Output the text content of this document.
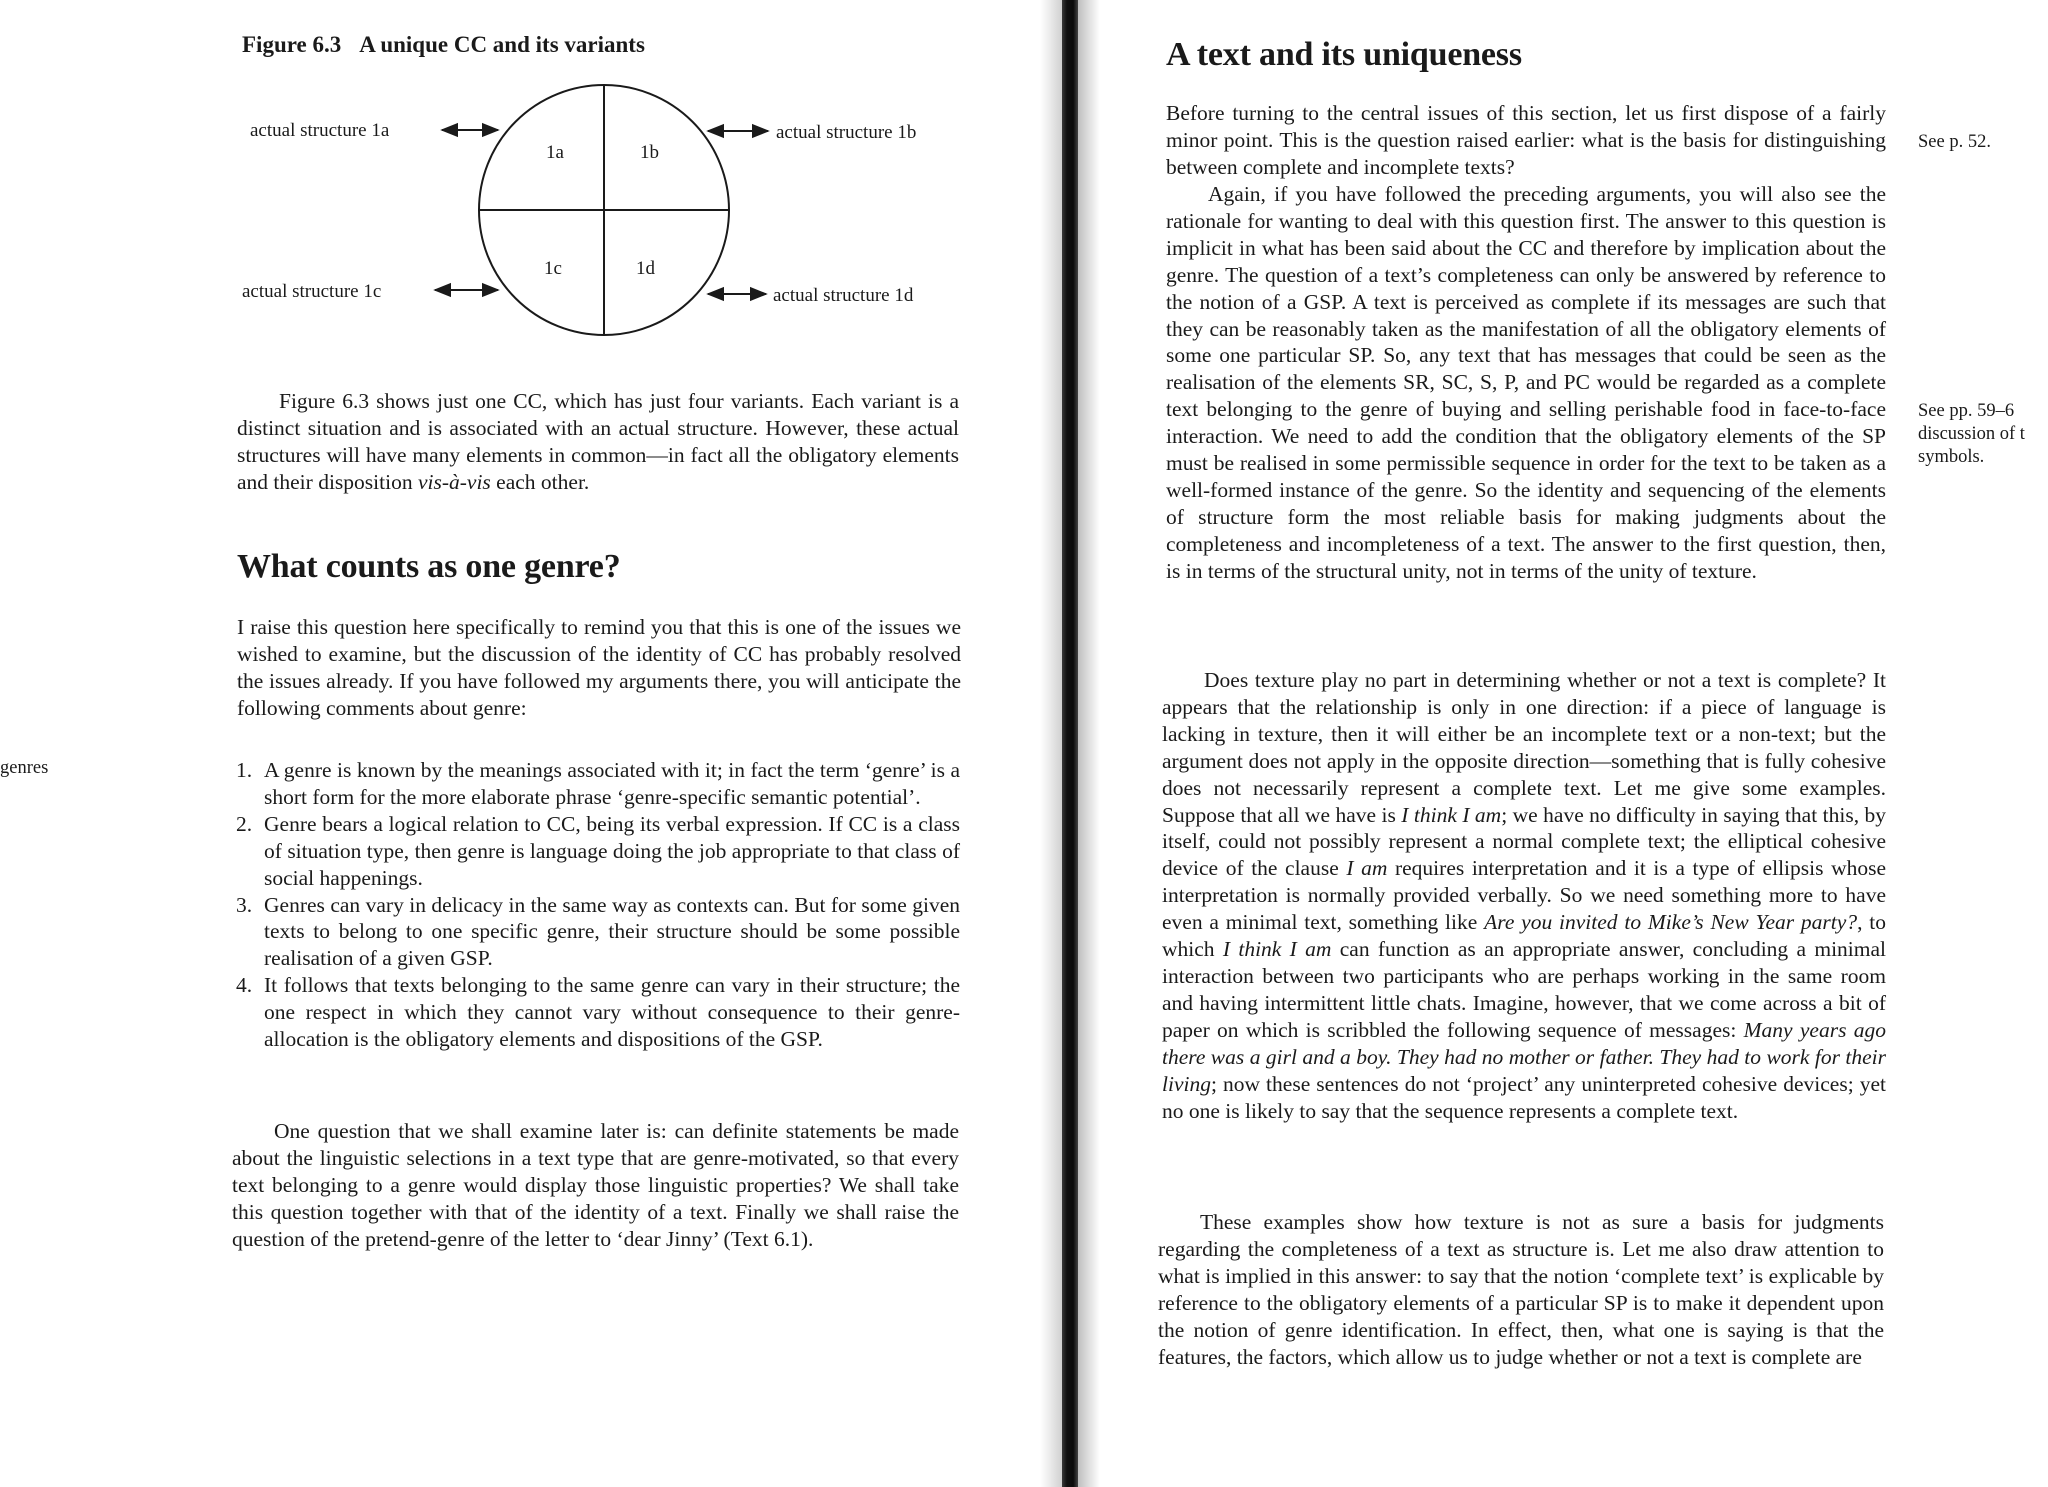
Figure 6.3 A unique CC and its variants
1a	1b
1c	1d
actual structure 1a	actual structure 1b
actual structure 1c	actual structure 1d

Figure 6.3 shows just one CC, which has just four variants. Each variant is a distinct situation and is associated with an actual structure. However, these actual structures will have many elements in common—in fact all the obligatory elements and their disposition vis-à-vis each other.

What counts as one genre?

I raise this question here specifically to remind you that this is one of the issues we wished to examine, but the discussion of the identity of CC has probably resolved the issues already. If you have followed my arguments there, you will anticipate the following comments about genre:

genres	1. A genre is known by the meanings associated with it; in fact the term ‘genre’ is a short form for the more elaborate phrase ‘genre-specific semantic potential’.
2. Genre bears a logical relation to CC, being its verbal expression. If CC is a class of situation type, then genre is language doing the job appropriate to that class of social happenings.
3. Genres can vary in delicacy in the same way as contexts can. But for some given texts to belong to one specific genre, their structure should be some possible realisation of a given GSP.
4. It follows that texts belonging to the same genre can vary in their structure; the one respect in which they cannot vary without consequence to their genre-allocation is the obligatory elements and dispositions of the GSP.

One question that we shall examine later is: can definite statements be made about the linguistic selections in a text type that are genre-motivated, so that every text belonging to a genre would display those linguistic properties? We shall take this question together with that of the identity of a text. Finally we shall raise the question of the pretend-genre of the letter to ‘dear Jinny’ (Text 6.1).

A text and its uniqueness

Before turning to the central issues of this section, let us first dispose of a fairly minor point. This is the question raised earlier: what is the basis for distinguishing between complete and incomplete texts?

Again, if you have followed the preceding arguments, you will also see the rationale for wanting to deal with this question first. The answer to this question is implicit in what has been said about the CC and therefore by implication about the genre. The question of a text’s completeness can only be answered by reference to the notion of a GSP. A text is perceived as complete if its messages are such that they can be reasonably taken as the manifestation of all the obligatory elements of some one particular SP. So, any text that has messages that could be seen as the realisation of the elements SR, SC, S, P, and PC would be regarded as a complete text belonging to the genre of buying and selling perishable food in face-to-face interaction. We need to add the condition that the obligatory elements of the SP must be realised in some permissible sequence in order for the text to be taken as a well-formed instance of the genre. So the identity and sequencing of the elements of structure form the most reliable basis for making judgments about the completeness and incompleteness of a text. The answer to the first question, then, is in terms of the structural unity, not in terms of the unity of texture.

Does texture play no part in determining whether or not a text is complete? It appears that the relationship is only in one direction: if a piece of language is lacking in texture, then it will either be an incomplete text or a non-text; but the argument does not apply in the opposite direction—something that is fully cohesive does not necessarily represent a complete text. Let me give some examples. Suppose that all we have is I think I am; we have no difficulty in saying that this, by itself, could not possibly represent a normal complete text; the elliptical cohesive device of the clause I am requires interpretation and it is a type of ellipsis whose interpretation is normally provided verbally. So we need something more to have even a minimal text, something like Are you invited to Mike’s New Year party?, to which I think I am can function as an appropriate answer, concluding a minimal interaction between two participants who are perhaps working in the same room and having intermittent little chats. Imagine, however, that we come across a bit of paper on which is scribbled the following sequence of messages: Many years ago there was a girl and a boy. They had no mother or father. They had to work for their living; now these sentences do not ‘project’ any uninterpreted cohesive devices; yet no one is likely to say that the sequence represents a complete text.

These examples show how texture is not as sure a basis for judgments regarding the completeness of a text as structure is. Let me also draw attention to what is implied in this answer: to say that the notion ‘complete text’ is explicable by reference to the obligatory elements of a particular SP is to make it dependent upon the notion of genre identification. In effect, then, what one is saying is that the features, the factors, which allow us to judge whether or not a text is complete are

See p. 52.
See pp. 59–6
discussion of t
symbols.
